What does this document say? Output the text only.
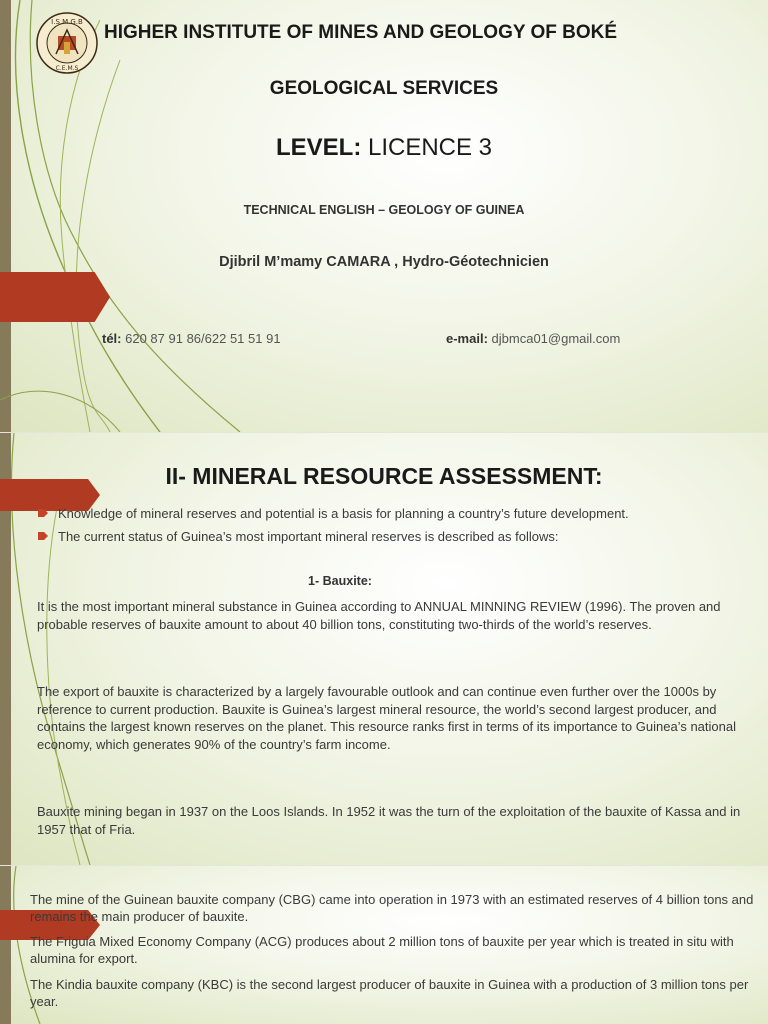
I.S.M.G.B
C.E.M.S
HIGHER INSTITUTE OF MINES AND GEOLOGY OF BOKÉ
GEOLOGICAL SERVICES
LEVEL: LICENCE 3
TECHNICAL ENGLISH – GEOLOGY OF GUINEA
Djibril M’mamy CAMARA , Hydro-Géotechnicien
tél: 620 87 91 86/622 51 51 91	e-mail: djbmca01@gmail.com
II- MINERAL RESOURCE ASSESSMENT:
Knowledge of mineral reserves and potential is a basis for planning a country’s future development.
The current status of Guinea’s most important mineral reserves is described as follows:
1- Bauxite:

It is the most important mineral substance in Guinea according to ANNUAL MINNING REVIEW (1996). The proven and probable reserves of bauxite amount to about 40 billion tons, constituting two-thirds of the world’s reserves.

The export of bauxite is characterized by a largely favourable outlook and can continue even further over the 1000s by reference to current production. Bauxite is Guinea’s largest mineral resource, the world’s second largest producer, and contains the largest known reserves on the planet. This resource ranks first in terms of its importance to Guinea’s national economy, which generates 90% of the country’s farm income.

Bauxite mining began in 1937 on the Loos Islands. In 1952 it was the turn of the exploitation of the bauxite of Kassa and in 1957 that of Fria.

The mine of the Guinean bauxite company (CBG) came into operation in 1973 with an estimated reserves of 4 billion tons and remains the main producer of bauxite.

The Friguia Mixed Economy Company (ACG) produces about 2 million tons of bauxite per year which is treated in situ with alumina for export.

The Kindia bauxite company (KBC) is the second largest producer of bauxite in Guinea with a production of 3 million tons per year.
